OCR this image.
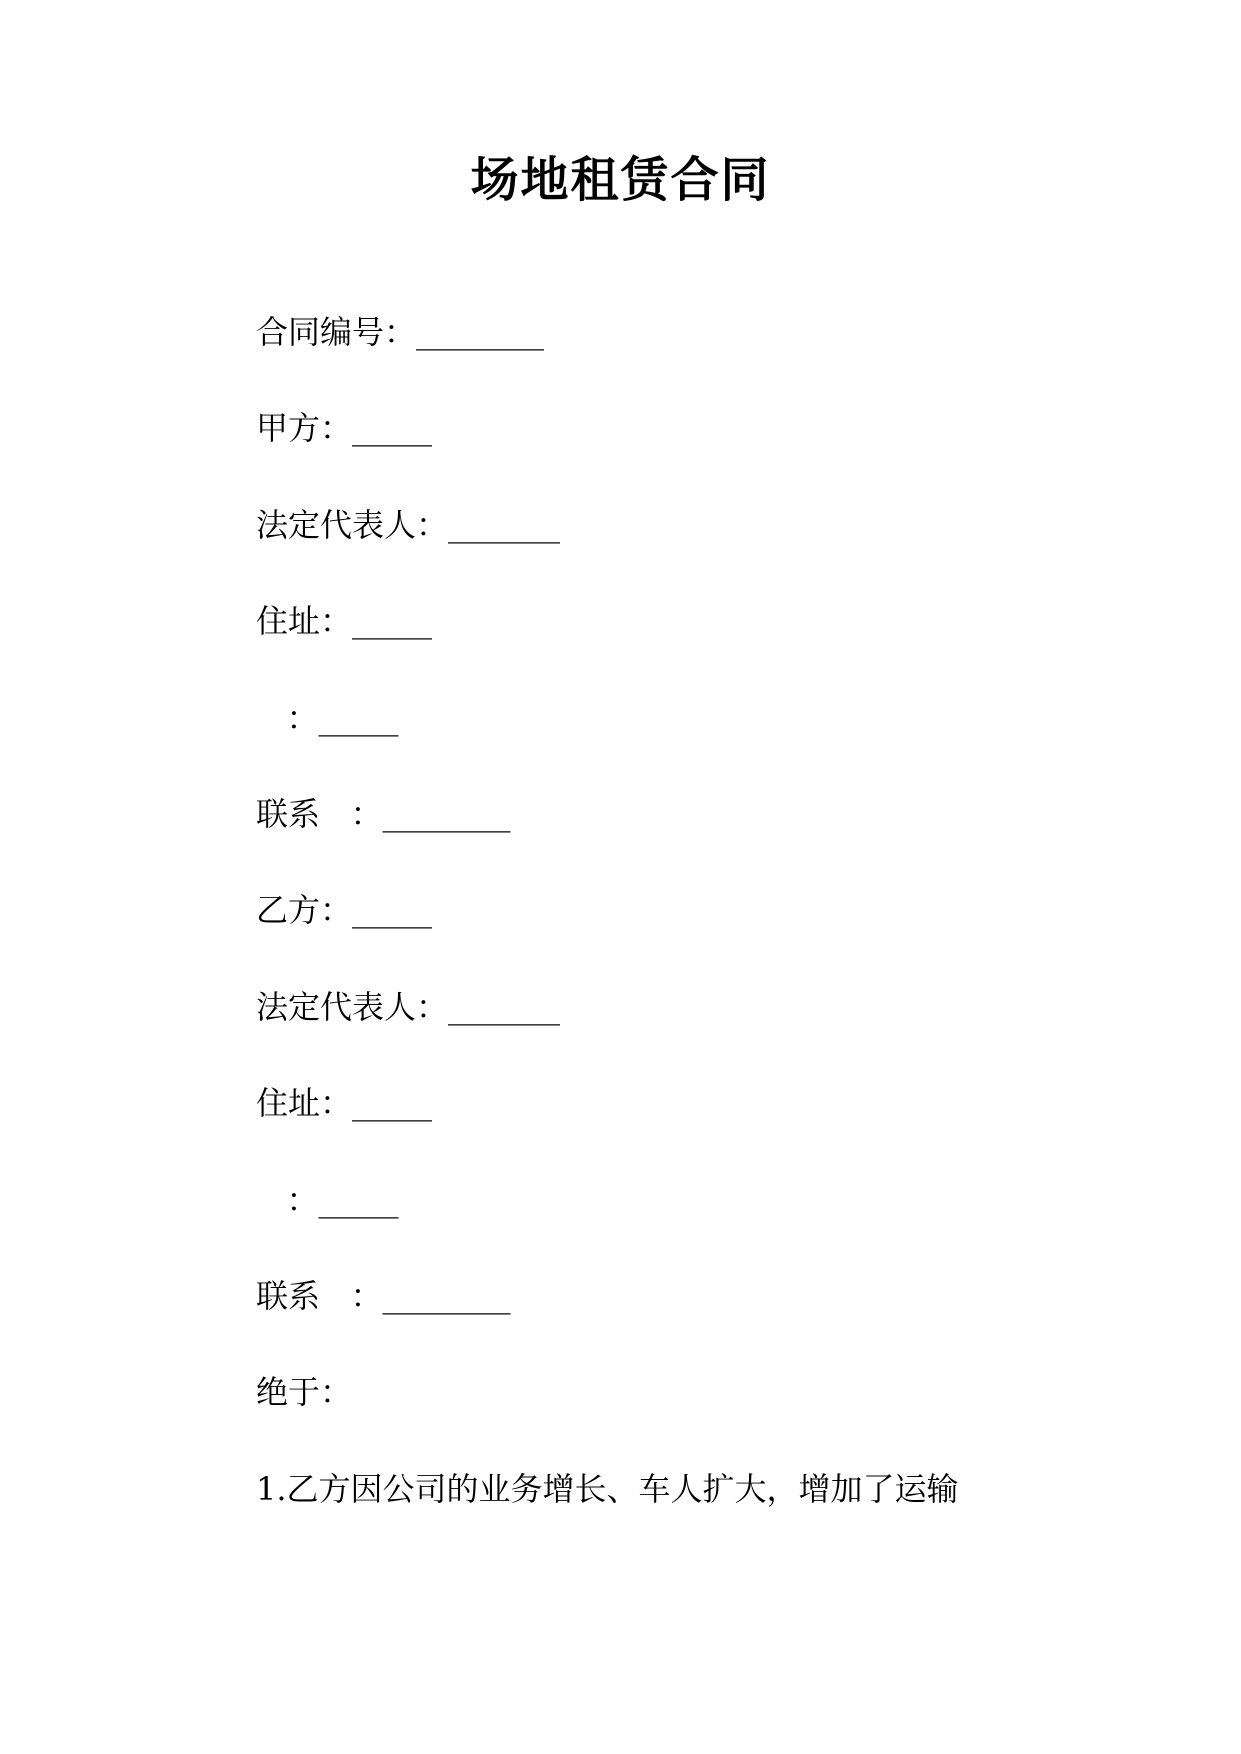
场地租赁合同
合同编号：________
甲方：_____
法定代表人：_______
住址：_____
：_____
联系   ：________
乙方：_____
法定代表人：_______
住址：_____
：_____
联系   ：________
绝于：
1.乙方因公司的业务增长、车人扩大，增加了运输
